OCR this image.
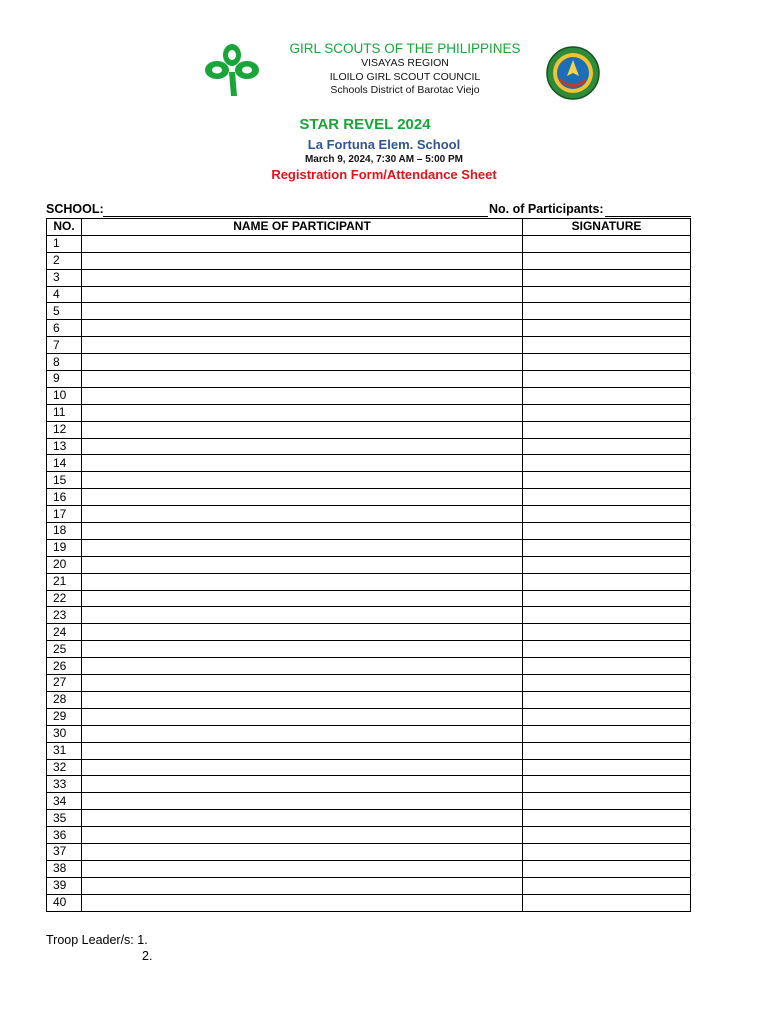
GIRL SCOUTS OF THE PHILIPPINES
VISAYAS REGION
ILOILO GIRL SCOUT COUNCIL
Schools District of Barotac Viejo
STAR REVEL 2024
La Fortuna Elem. School
March 9, 2024, 7:30 AM – 5:00 PM
Registration Form/Attendance Sheet
SCHOOL:	No. of Participants:
NO.	NAME OF PARTICIPANT	SIGNATURE
1		
2		
3		
4		
5		
6		
7		
8		
9		
10		
11		
12		
13		
14		
15		
16		
17		
18		
19		
20		
21		
22		
23		
24		
25		
26		
27		
28		
29		
30		
31		
32		
33		
34		
35		
36		
37		
38		
39		
40		
Troop Leader/s: 1.
2.
